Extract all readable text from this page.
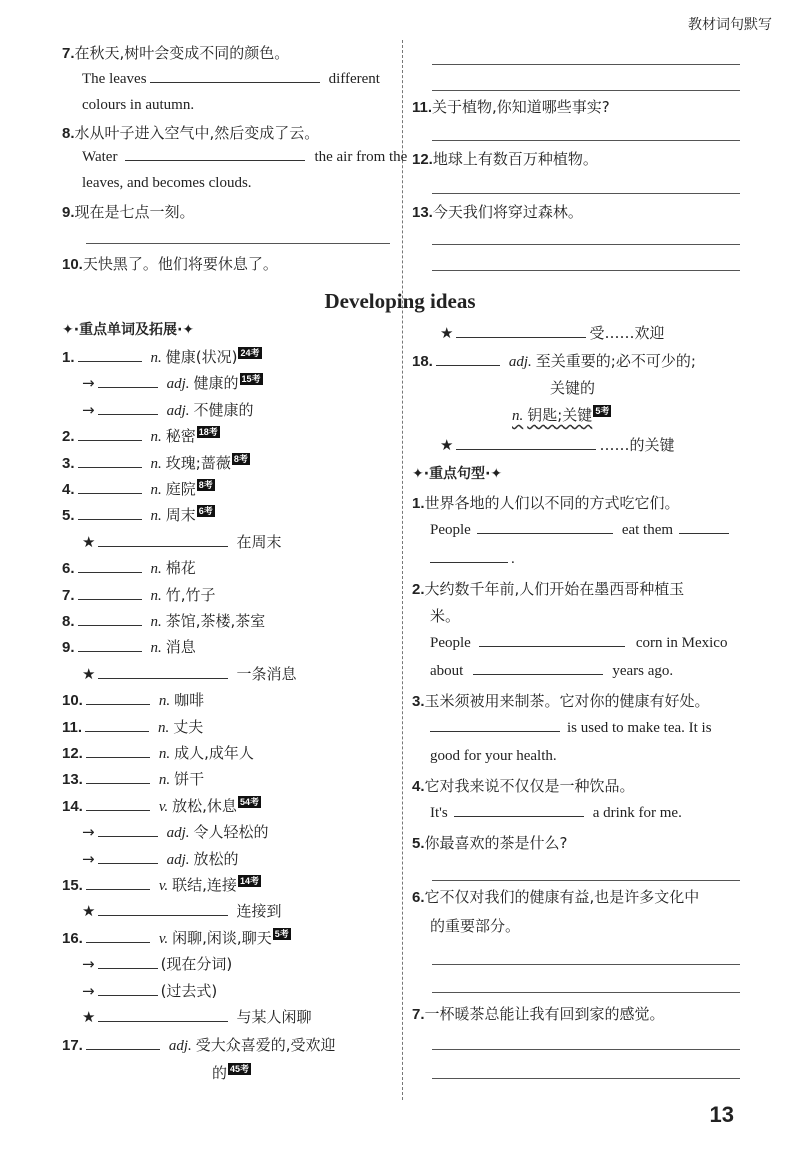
教材词句默写
7.在秋天,树叶会变成不同的颜色。
The leaves	different
colours in autumn.
8.水从叶子进入空气中,然后变成了云。
Water	the air from the
leaves, and becomes clouds.
9.现在是七点一刻。
10.天快黑了。他们将要休息了。
11.关于植物,你知道哪些事实?
12.地球上有数百万种植物。
13.今天我们将穿过森林。
Developing ideas
✦·重点单词及拓展·✦
1.	n. 健康(状况) 24考
→	adj. 健康的 15考
→	adj. 不健康的
2.	n. 秘密 18考
3.	n. 玫瑰;蔷薇 8考
4.	n. 庭院 8考
5.	n. 周末 6考
★	在周末
6.	n. 棉花
7.	n. 竹,竹子
8.	n. 茶馆,茶楼,茶室
9.	n. 消息
★	一条消息
10.	n. 咖啡
11.	n. 丈夫
12.	n. 成人,成年人
13.	n. 饼干
14.	v. 放松,休息 54考
→	adj. 令人轻松的
→	adj. 放松的
15.	v. 联结,连接 14考
★	连接到
16.	v. 闲聊,闲谈,聊天 5考
→	(现在分词)
→	(过去式)
★	与某人闲聊
17.	adj. 受大众喜爱的,受欢迎
的 45考
★	受……欢迎
18.	adj. 至关重要的;必不可少的;
关键的
n. 钥匙;关键 5考
★	……的关键
✦·重点句型·✦
1.世界各地的人们以不同的方式吃它们。
People	eat them
.
2.大约数千年前,人们开始在墨西哥种植玉
米。
People	corn in Mexico
about	years ago.
3.玉米须被用来制茶。它对你的健康有好处。
is used to make tea. It is
good for your health.
4.它对我来说不仅仅是一种饮品。
It's	a drink for me.
5.你最喜欢的茶是什么?
6.它不仅对我们的健康有益,也是许多文化中
的重要部分。
7.一杯暖茶总能让我有回到家的感觉。
13
